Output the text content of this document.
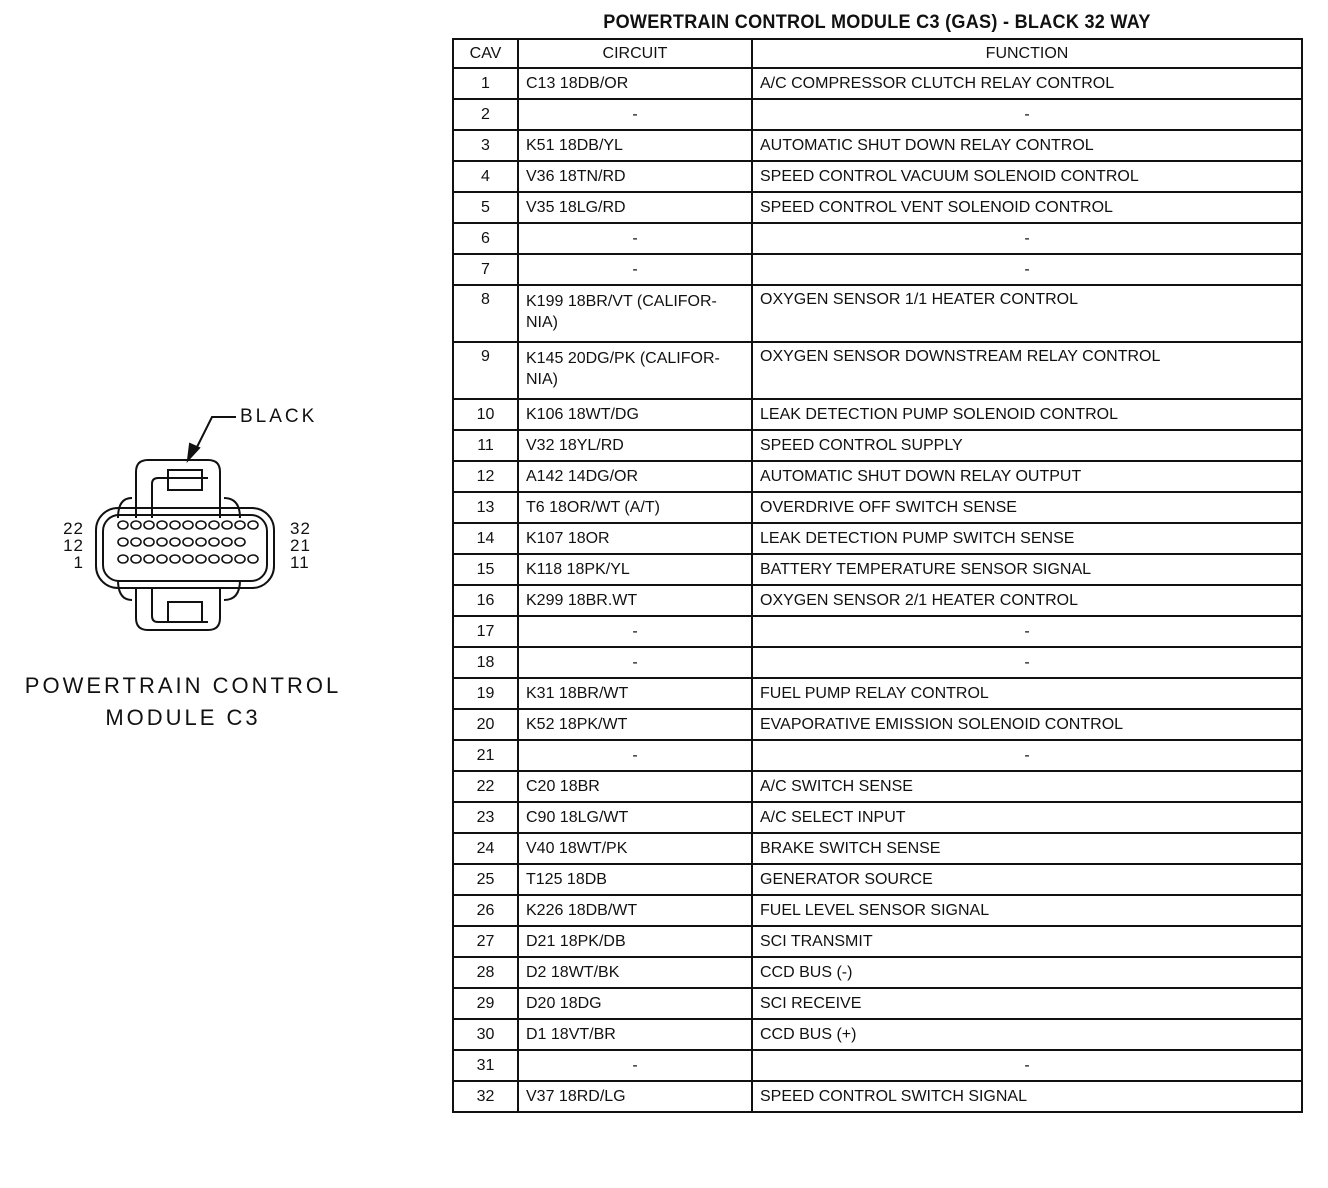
BLACK
22
12
1
32
21
11
POWERTRAIN CONTROL
MODULE C3
POWERTRAIN CONTROL MODULE C3 (GAS) - BLACK 32 WAY
CAV	CIRCUIT	FUNCTION
1	C13 18DB/OR	A/C COMPRESSOR CLUTCH RELAY CONTROL
2	-	-
3	K51 18DB/YL	AUTOMATIC SHUT DOWN RELAY CONTROL
4	V36 18TN/RD	SPEED CONTROL VACUUM SOLENOID CONTROL
5	V35 18LG/RD	SPEED CONTROL VENT SOLENOID CONTROL
6	-	-
7	-	-
8	K199 18BR/VT (CALIFOR- NIA)	OXYGEN SENSOR 1/1 HEATER CONTROL
9	K145 20DG/PK (CALIFOR- NIA)	OXYGEN SENSOR DOWNSTREAM RELAY CONTROL
10	K106 18WT/DG	LEAK DETECTION PUMP SOLENOID CONTROL
11	V32 18YL/RD	SPEED CONTROL SUPPLY
12	A142 14DG/OR	AUTOMATIC SHUT DOWN RELAY OUTPUT
13	T6 18OR/WT (A/T)	OVERDRIVE OFF SWITCH SENSE
14	K107 18OR	LEAK DETECTION PUMP SWITCH SENSE
15	K118 18PK/YL	BATTERY TEMPERATURE SENSOR SIGNAL
16	K299 18BR.WT	OXYGEN SENSOR 2/1 HEATER CONTROL
17	-	-
18	-	-
19	K31 18BR/WT	FUEL PUMP RELAY CONTROL
20	K52 18PK/WT	EVAPORATIVE EMISSION SOLENOID CONTROL
21	-	-
22	C20 18BR	A/C SWITCH SENSE
23	C90 18LG/WT	A/C SELECT INPUT
24	V40 18WT/PK	BRAKE SWITCH SENSE
25	T125 18DB	GENERATOR SOURCE
26	K226 18DB/WT	FUEL LEVEL SENSOR SIGNAL
27	D21 18PK/DB	SCI TRANSMIT
28	D2 18WT/BK	CCD BUS (-)
29	D20 18DG	SCI RECEIVE
30	D1 18VT/BR	CCD BUS (+)
31	-	-
32	V37 18RD/LG	SPEED CONTROL SWITCH SIGNAL
